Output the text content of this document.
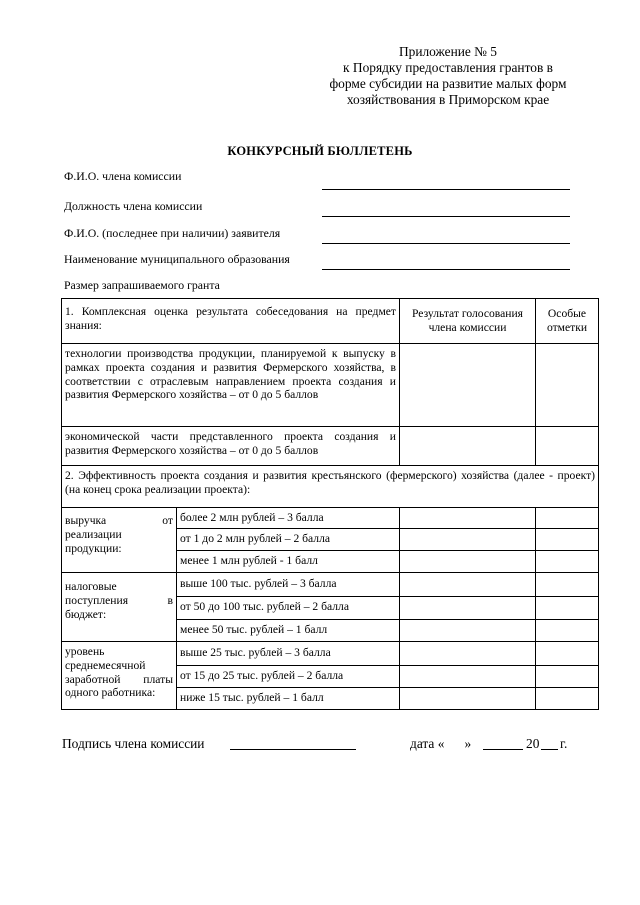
Приложение № 5
к Порядку предоставления грантов в
форме субсидии на развитие малых форм
хозяйствования в Приморском крае
КОНКУРСНЫЙ БЮЛЛЕТЕНЬ
Ф.И.О. члена комиссии
Должность члена комиссии
Ф.И.О. (последнее при наличии) заявителя
Наименование муниципального образования
Размер запрашиваемого гранта
1. Комплексная оценка результата собеседования на предмет знания:		Результат голосования члена комиссии	Особые отметки
технологии производства продукции, планируемой к выпуску в рамках проекта создания и развития Фермерского хозяйства, в соответствии с отраслевым направлением проекта создания и развития Фермерского хозяйства – от 0 до 5 баллов			
экономической части представленного проекта создания и развития Фермерского хозяйства – от 0 до 5 баллов			
2. Эффективность проекта создания и развития крестьянского (фермерского) хозяйства (далее - проект) (на конец срока реализации проекта):			

выручка от
реализации продукции:	более 2 млн рублей – 3 балла		
	от 1 до 2 млн рублей – 2 балла		
	менее 1 млн рублей - 1 балл		

налоговые
поступления в
бюджет:	выше 100 тыс. рублей – 3 балла		
	от 50 до 100 тыс. рублей – 2 балла		
	менее 50 тыс. рублей – 1 балл		

уровень среднемесячной
заработной платы
одного работника:	выше 25 тыс. рублей – 3 балла		
	от 15 до 25 тыс. рублей – 2 балла		
	ниже 15 тыс. рублей – 1 балл		
Подпись члена комиссии	дата «      »	20 г.
